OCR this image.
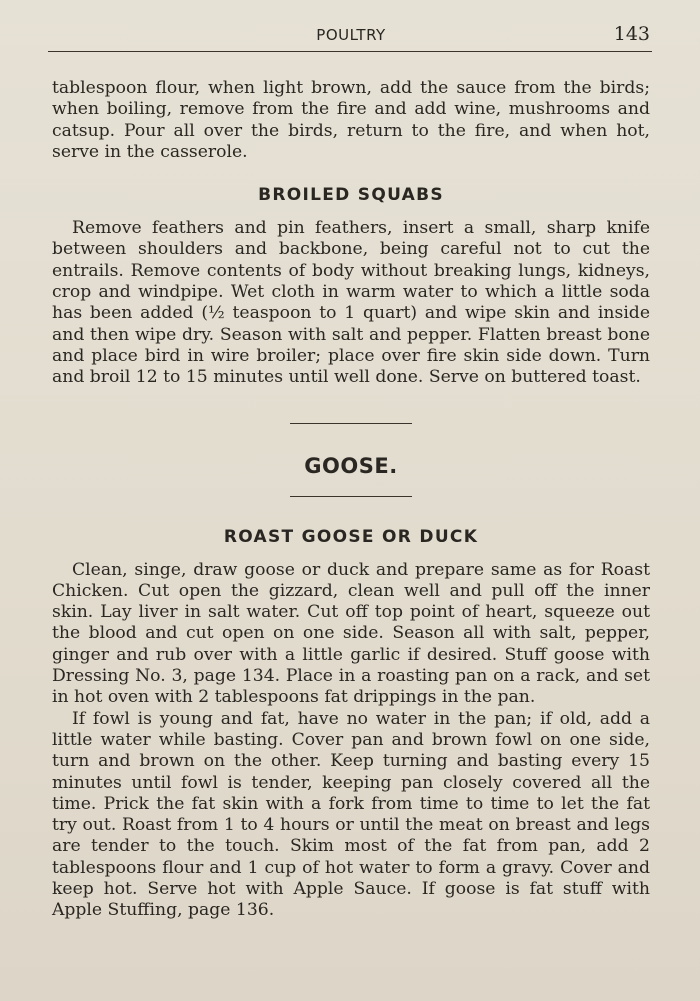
POULTRY	143

tablespoon flour, when light brown, add the sauce from the birds; when boiling, remove from the fire and add wine, mushrooms and catsup. Pour all over the birds, return to the fire, and when hot, serve in the casserole.

BROILED SQUABS

Remove feathers and pin feathers, insert a small, sharp knife between shoulders and backbone, being careful not to cut the entrails. Remove contents of body without breaking lungs, kidneys, crop and windpipe. Wet cloth in warm water to which a little soda has been added (½ teaspoon to 1 quart) and wipe skin and inside and then wipe dry. Season with salt and pepper. Flatten breast bone and place bird in wire broiler; place over fire skin side down. Turn and broil 12 to 15 minutes until well done. Serve on buttered toast.

GOOSE.
ROAST GOOSE OR DUCK

Clean, singe, draw goose or duck and prepare same as for Roast Chicken. Cut open the gizzard, clean well and pull off the inner skin. Lay liver in salt water. Cut off top point of heart, squeeze out the blood and cut open on one side. Season all with salt, pepper, ginger and rub over with a little garlic if desired. Stuff goose with Dressing No. 3, page 134. Place in a roasting pan on a rack, and set in hot oven with 2 tablespoons fat drippings in the pan.

If fowl is young and fat, have no water in the pan; if old, add a little water while basting. Cover pan and brown fowl on one side, turn and brown on the other. Keep turning and basting every 15 minutes until fowl is tender, keeping pan closely covered all the time. Prick the fat skin with a fork from time to time to let the fat try out. Roast from 1 to 4 hours or until the meat on breast and legs are tender to the touch. Skim most of the fat from pan, add 2 tablespoons flour and 1 cup of hot water to form a gravy. Cover and keep hot. Serve hot with Apple Sauce. If goose is fat stuff with Apple Stuffing, page 136.
